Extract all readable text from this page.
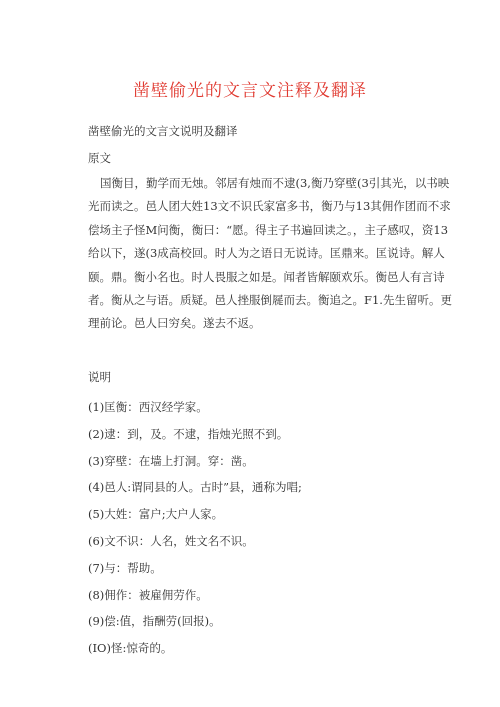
凿壁偷光的文言文注释及翻译

凿壁偷光的文言文说明及翻译

原文

国衡目，勤学而无烛。邻居有烛而不逮(3,衡乃穿壁(3引其光，以书映
光而读之。邑人团大姓13文不识氏家富多书，衡乃与13其佣作团而不求
偿场主子怪M问衡，衡曰：“愿。得主子书遍回读之。，主子感叹，资13
给以下，遂(3成高校回。时人为之语日无说诗。匡鼎来。匡说诗。解人
颐。鼎。衡小名也。时人畏服之如是。闻者皆解颐欢乐。衡邑人有言诗
者。衡从之与语。质疑。邑人挫服倒屣而去。衡追之。F1.先生留听。更
理前论。邑人曰穷矣。遂去不返。

说明

(1)匡衡：西汉经学家。
(2)逮：到，及。不逮，指烛光照不到。
(3)穿壁：在墙上打洞。穿：凿。
(4)邑人:谓同县的人。古时”县，通称为唱;
(5)大姓：富户;大户人家。
(6)文不识：人名，姓文名不识。
(7)与：帮助。
(8)佣作：被雇佣劳作。
(9)偿:值，指酬劳(回报)。
(IO)怪:惊奇的。
